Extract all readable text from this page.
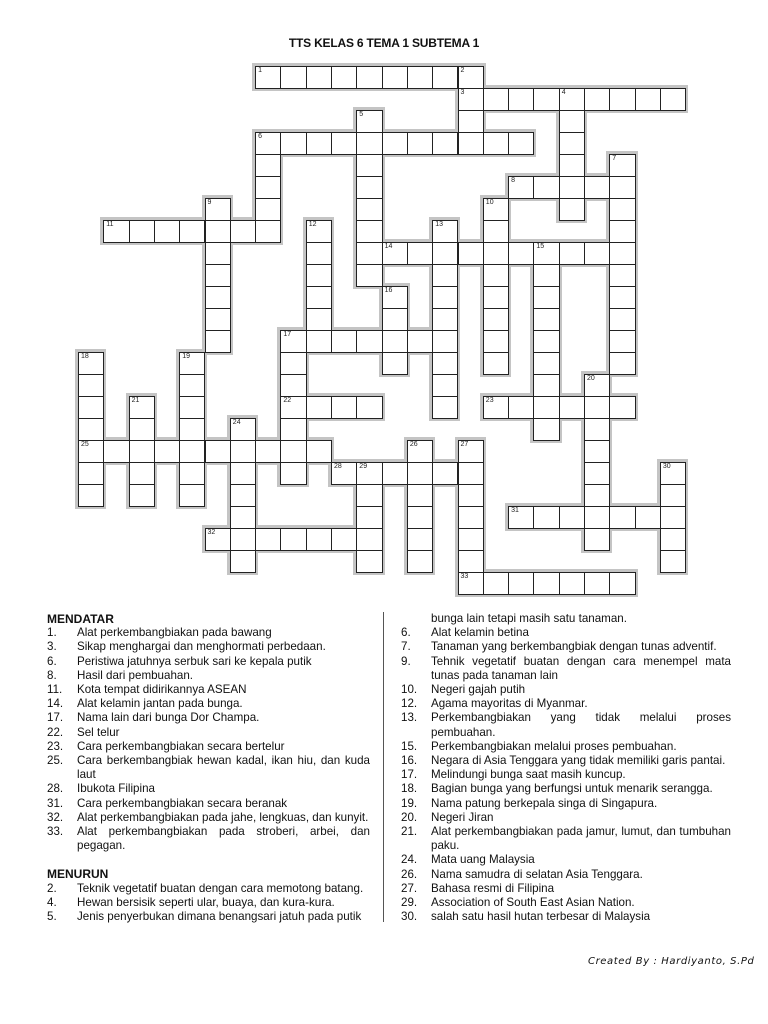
TTS KELAS 6 TEMA 1 SUBTEMA 1
1	2
3	4
5
6
7
8
9	10
11	12	13
14	15
16
17
22
18
25
19
20
21	23
24
26	27
33
28	29	30
31
32
MENDATAR
1.	Alat perkembangbiakan pada bawang
3.	Sikap menghargai dan menghormati perbedaan.
6.	Peristiwa jatuhnya serbuk sari ke kepala putik
8.	Hasil dari pembuahan.
11.	Kota tempat didirikannya ASEAN
14.	Alat kelamin jantan pada bunga.
17.	Nama lain dari bunga Dor Champa.
22.	Sel telur
23.	Cara perkembangbiakan secara bertelur
25.	Cara berkembangbiak hewan kadal, ikan hiu, dan kuda laut
28.	Ibukota Filipina
31.	Cara perkembangbiakan secara beranak
32.	Alat perkembangbiakan pada jahe, lengkuas, dan kunyit.
33.	Alat perkembangbiakan pada stroberi, arbei, dan pegagan.
MENURUN
2.	Teknik vegetatif buatan dengan cara memotong batang.
4.	Hewan bersisik seperti ular, buaya, dan kura-kura.
5.	Jenis penyerbukan dimana benangsari jatuh pada putik
bunga lain tetapi masih satu tanaman.
6.	Alat kelamin betina
7.	Tanaman yang berkembangbiak dengan tunas adventif.
9.	Tehnik vegetatif buatan dengan cara menempel mata tunas pada tanaman lain
10.	Negeri gajah putih
12.	Agama mayoritas di Myanmar.
13.	Perkembangbiakan yang tidak melalui proses pembuahan.
15.	Perkembangbiakan melalui proses pembuahan.
16.	Negara di Asia Tenggara yang tidak memiliki garis pantai.
17.	Melindungi bunga saat masih kuncup.
18.	Bagian bunga yang berfungsi untuk menarik serangga.
19.	Nama patung berkepala singa di Singapura.
20.	Negeri Jiran
21.	Alat perkembangbiakan pada jamur, lumut, dan tumbuhan paku.
24.	Mata uang Malaysia
26.	Nama samudra di selatan Asia Tenggara.
27.	Bahasa resmi di Filipina
29.	Association of South East Asian Nation.
30.	salah satu hasil hutan terbesar di Malaysia
Created By : Hardiyanto, S.Pd
